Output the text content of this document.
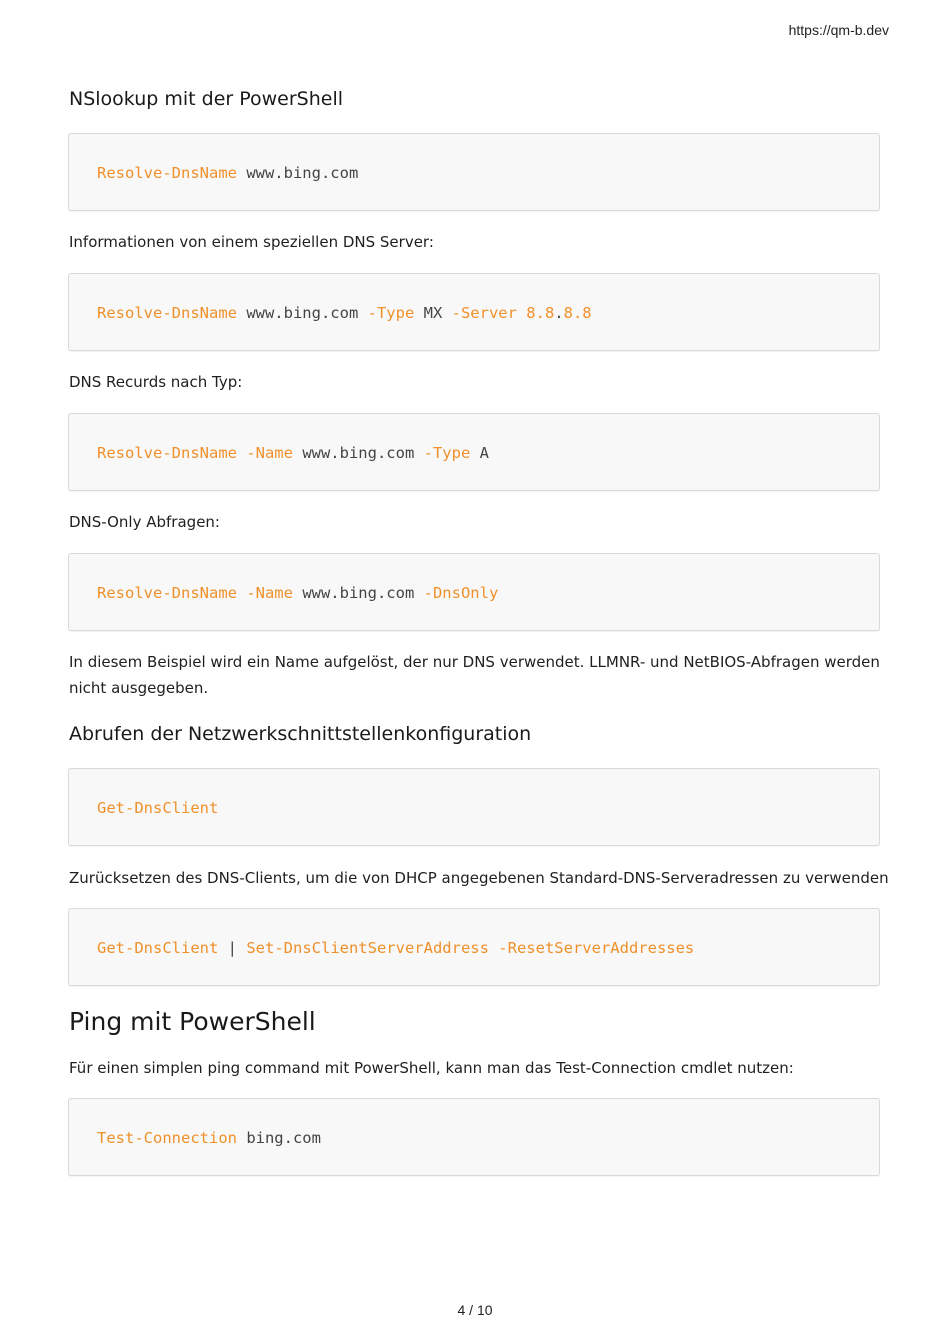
https://qm-b.dev
NSlookup mit der PowerShell
Resolve-DnsName www.bing.com
Informationen von einem speziellen DNS Server:
Resolve-DnsName www.bing.com -Type MX -Server 8.8.8.8
DNS Recurds nach Typ:
Resolve-DnsName -Name www.bing.com -Type A
DNS-Only Abfragen:
Resolve-DnsName -Name www.bing.com -DnsOnly
In diesem Beispiel wird ein Name aufgelöst, der nur DNS verwendet. LLMNR- und NetBIOS-Abfragen werden nicht ausgegeben.
Abrufen der Netzwerkschnittstellenkonfiguration
Get-DnsClient
Zurücksetzen des DNS-Clients, um die von DHCP angegebenen Standard-DNS-Serveradressen zu verwenden
Get-DnsClient | Set-DnsClientServerAddress -ResetServerAddresses
Ping mit PowerShell
Für einen simplen ping command mit PowerShell, kann man das Test-Connection cmdlet nutzen:
Test-Connection bing.com
4 / 10
